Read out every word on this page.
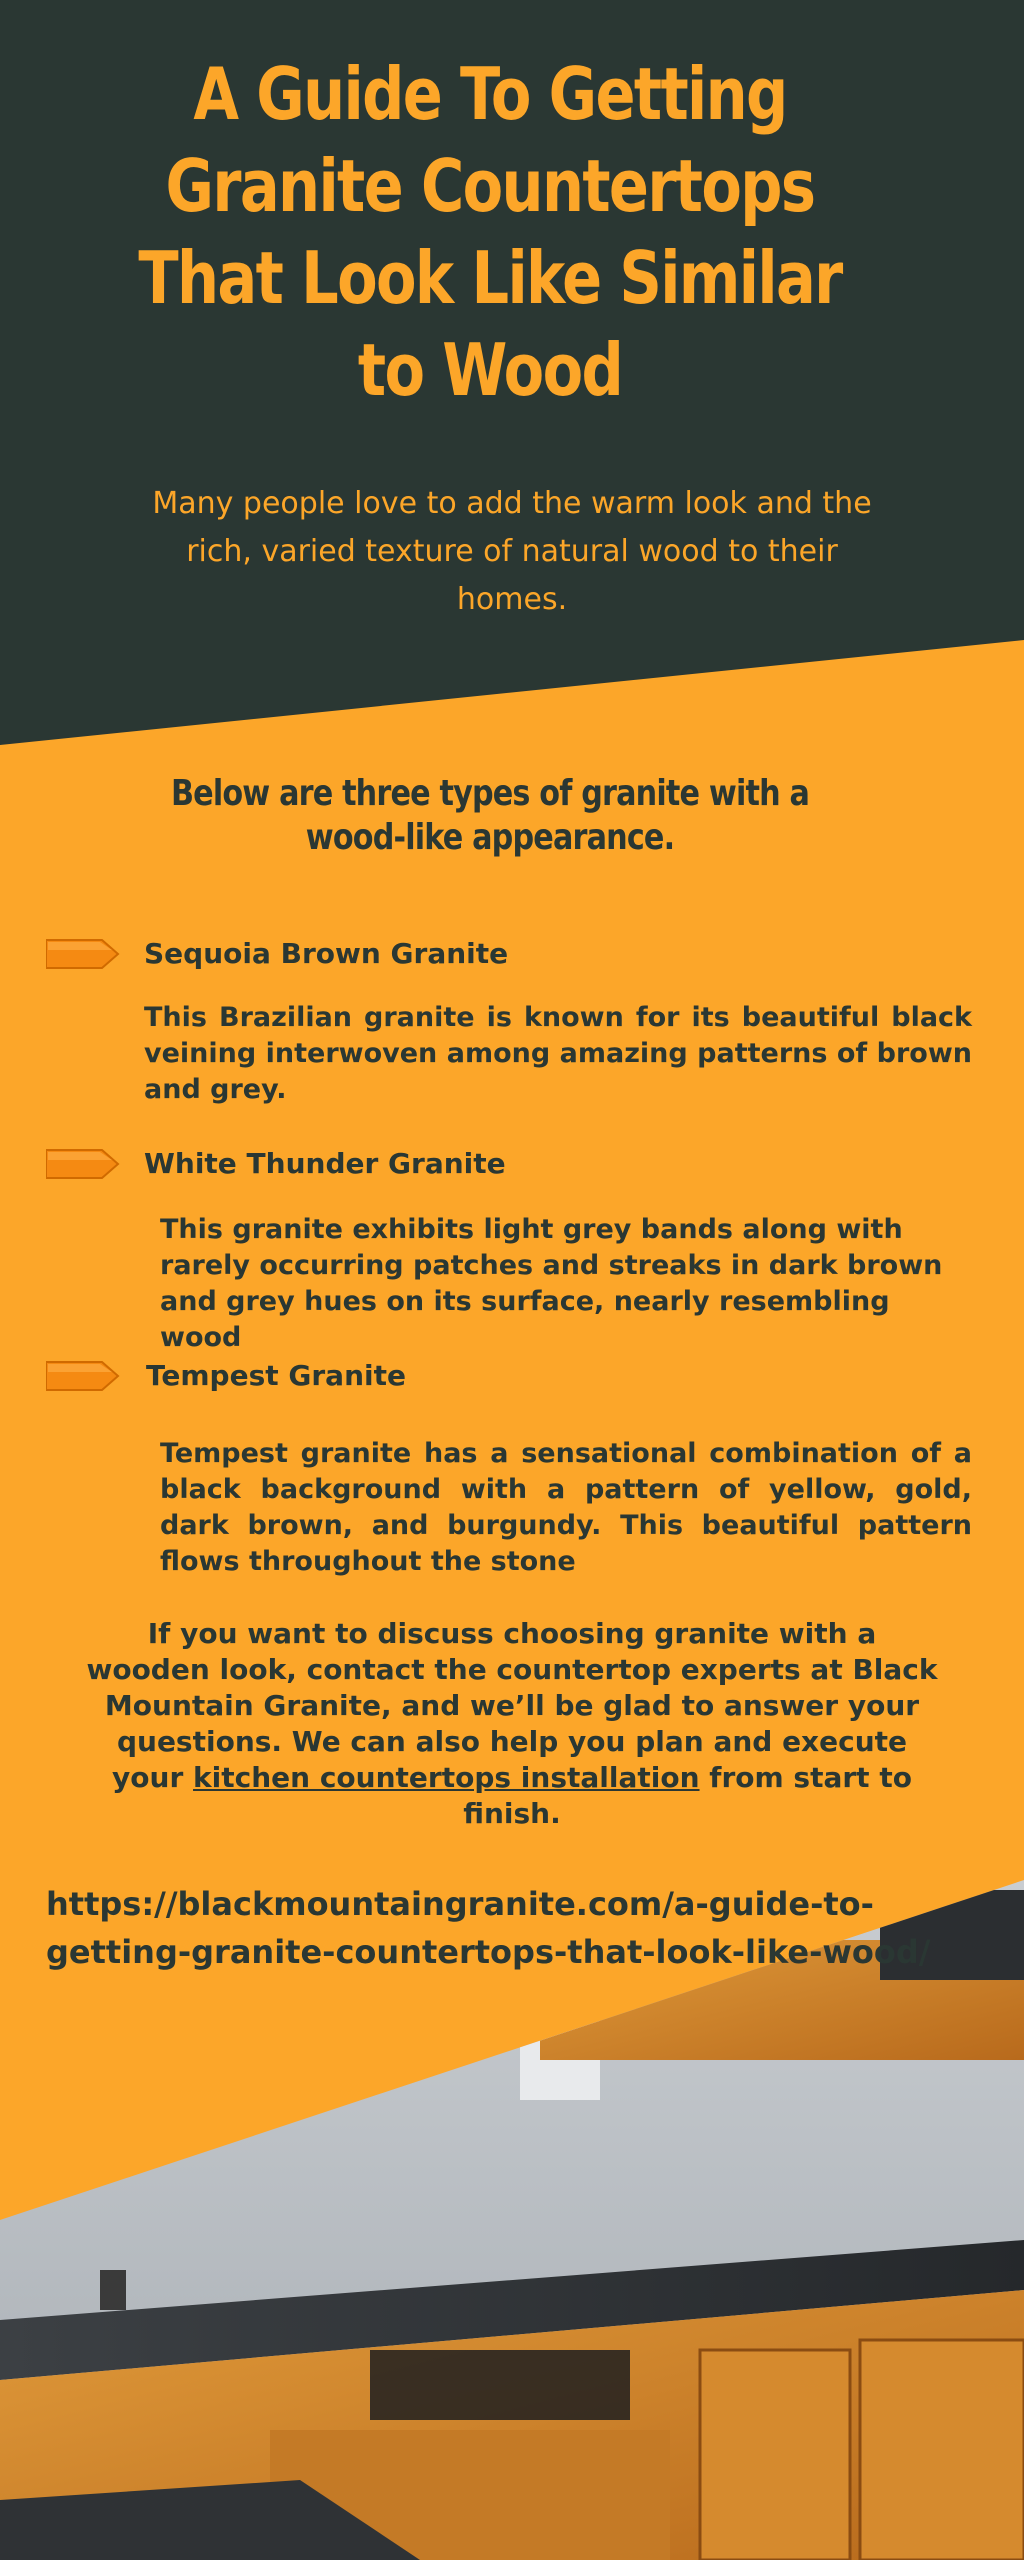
A Guide To Getting Granite Countertops That Look Like Similar to Wood

Many people love to add the warm look and the rich, varied texture of natural wood to their homes.

Below are three types of granite with a wood-like appearance.
Sequoia Brown Granite

This Brazilian granite is known for its beautiful black veining interwoven among amazing patterns of brown and grey.

White Thunder Granite

This granite exhibits light grey bands along with rarely occurring patches and streaks in dark brown and grey hues on its surface, nearly resembling wood

Tempest Granite

Tempest granite has a sensational combination of a black background with a pattern of yellow, gold, dark brown, and burgundy. This beautiful pattern flows throughout the stone

If you want to discuss choosing granite with a wooden look, contact the countertop experts at Black Mountain Granite, and we’ll be glad to answer your questions. We can also help you plan and execute your kitchen countertops installation from start to finish.

https://blackmountaingranite.com/a-guide-to-getting-granite-countertops-that-look-like-wood/
